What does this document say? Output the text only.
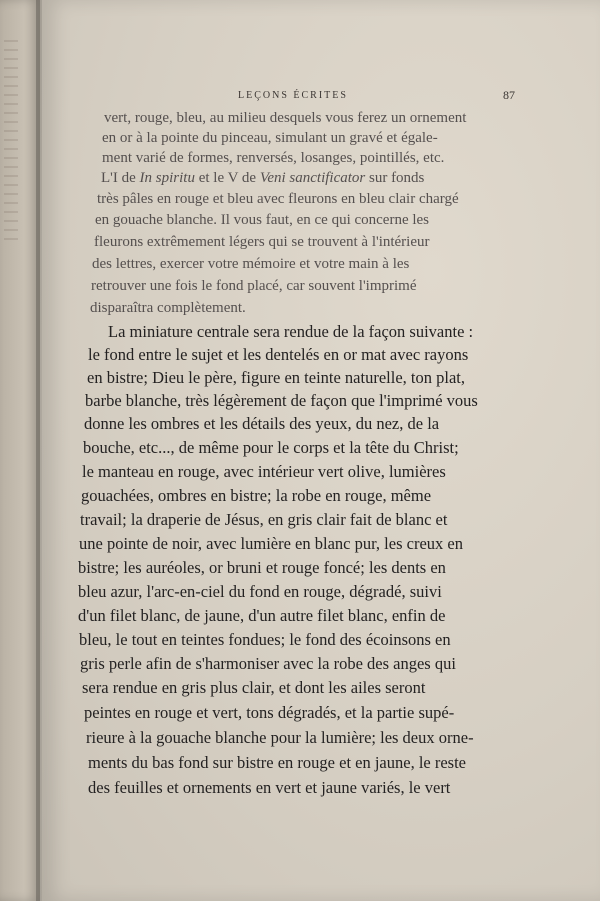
LEÇONS ÉCRITES	87
vert, rouge, bleu, au milieu desquels vous ferez un ornement
en or à la pointe du pinceau, simulant un gravé et égale-
ment varié de formes, renversés, losanges, pointillés, etc.
L'I de In spiritu et le V de Veni sanctificator sur fonds
très pâles en rouge et bleu avec fleurons en bleu clair chargé
en gouache blanche. Il vous faut, en ce qui concerne les
fleurons extrêmement légers qui se trouvent à l'intérieur
des lettres, exercer votre mémoire et votre main à les
retrouver une fois le fond placé, car souvent l'imprimé
disparaîtra complètement.
La miniature centrale sera rendue de la façon suivante :
le fond entre le sujet et les dentelés en or mat avec rayons
en bistre; Dieu le père, figure en teinte naturelle, ton plat,
barbe blanche, très légèrement de façon que l'imprimé vous
donne les ombres et les détails des yeux, du nez, de la
bouche, etc..., de même pour le corps et la tête du Christ;
le manteau en rouge, avec intérieur vert olive, lumières
gouachées, ombres en bistre; la robe en rouge, même
travail; la draperie de Jésus, en gris clair fait de blanc et
une pointe de noir, avec lumière en blanc pur, les creux en
bistre; les auréoles, or bruni et rouge foncé; les dents en
bleu azur, l'arc-en-ciel du fond en rouge, dégradé, suivi
d'un filet blanc, de jaune, d'un autre filet blanc, enfin de
bleu, le tout en teintes fondues; le fond des écoinsons en
gris perle afin de s'harmoniser avec la robe des anges qui
sera rendue en gris plus clair, et dont les ailes seront
peintes en rouge et vert, tons dégradés, et la partie supé-
rieure à la gouache blanche pour la lumière; les deux orne-
ments du bas fond sur bistre en rouge et en jaune, le reste
des feuilles et ornements en vert et jaune variés, le vert
